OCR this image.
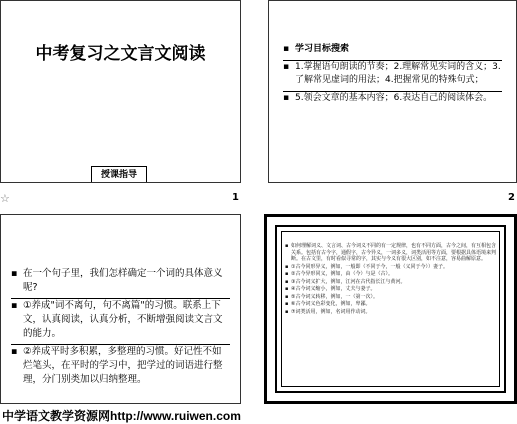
中考复习之文言文阅读
授课指导
☆	1
▪ 学习目标搜索
▪ 1.掌握语句朗读的节奏；2.理解常见实词的含义；3.了解常见虚词的用法；4.把握常见的特殊句式；
▪ 5.领会文章的基本内容；6.表达自己的阅读体会。
2
▪ 在一个句子里，我们怎样确定一个词的具体意义呢?
▪ ①养成"词不离句，句不离篇"的习惯。联系上下文，认真阅读，认真分析，不断增强阅读文言文的能力。
▪ ②养成平时多积累，多整理的习惯。好记性不如烂笔头，在平时的学习中，把学过的词语进行整理，分门别类加以归纳整理。
▪ 如何理解词义、文言词、古今词义不同的有一定规律，也有不同方面，古今之间，有互相包含关系。包括有古今字，通假字，古今异义，一词多义，词类活用等方面，要根据具体语境来判断。在古文里，有时看似寻常的字，其实与今义有很大区别，如不注意，容易曲解原意。
▪ ①古今同形异义，例如，一般即（不同于今，一般（义同于今））妻子。
▪ ②古今异形同义，例如，由（今）与是（古）。
▪ ③古今词义扩大，例如，江河在古代指长江与黄河。
▪ ④古今词义缩小，例如，丈夫与妻子。
▪ ⑤古今词义转移，例如，一（第一次）。
▪ ⑥古今词义色彩变化，例如，卑鄙。
▪ ⑦词类活用，例如，名词用作动词。
中学语文教学资源网http://www.ruiwen.com
